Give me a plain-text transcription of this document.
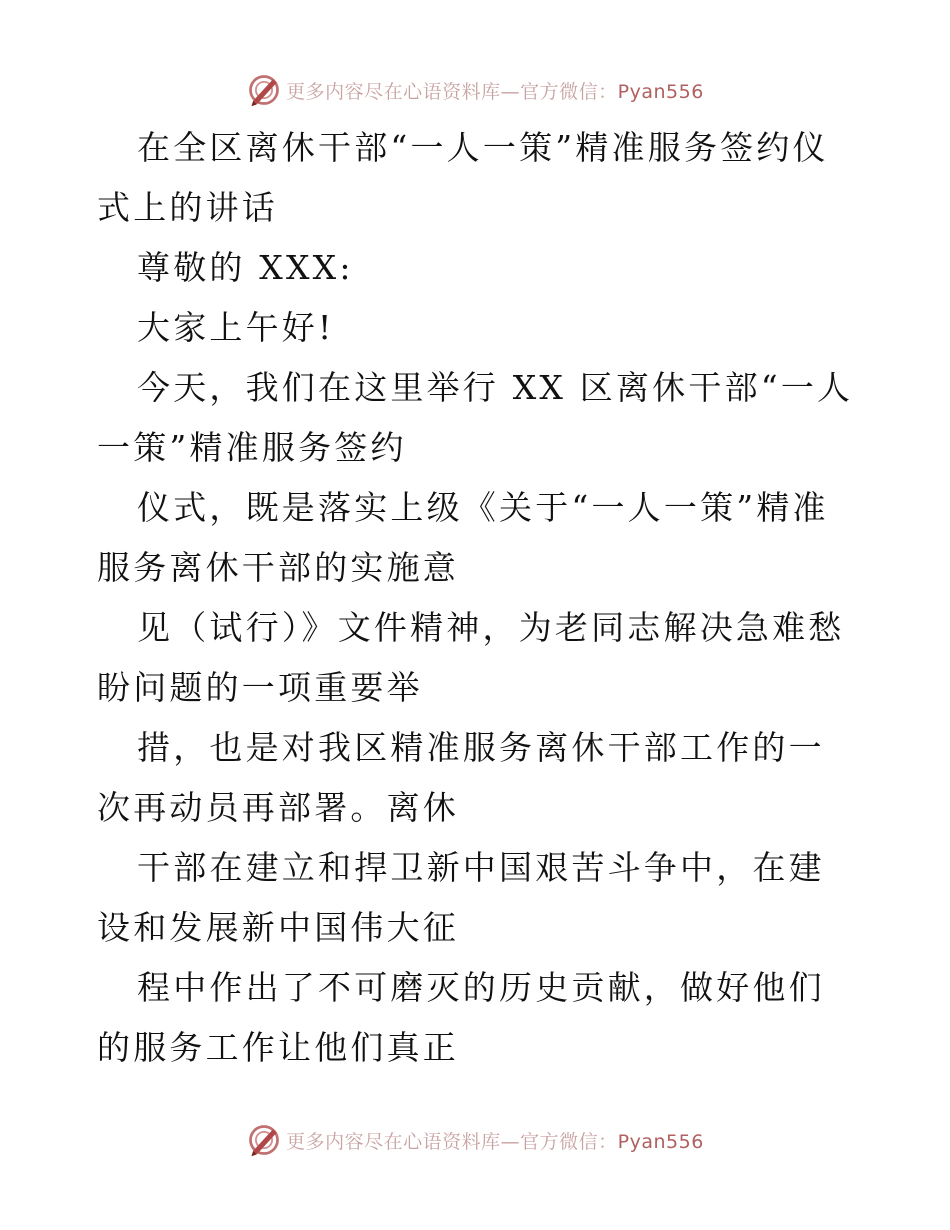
更多内容尽在心语资料库—官方微信：Pyan556

在全区离休干部“一人一策”精准服务签约仪式上的讲话

尊敬的 XXX:

大家上午好!

今天，我们在这里举行 XX 区离休干部“一人一策”精准服务签约

仪式，既是落实上级《关于“一人一策”精准服务离休干部的实施意

见（试行）》文件精神，为老同志解决急难愁盼问题的一项重要举

措，也是对我区精准服务离休干部工作的一次再动员再部署。离休

干部在建立和捍卫新中国艰苦斗争中，在建设和发展新中国伟大征

程中作出了不可磨灭的历史贡献，做好他们的服务工作让他们真正

更多内容尽在心语资料库—官方微信：Pyan556
